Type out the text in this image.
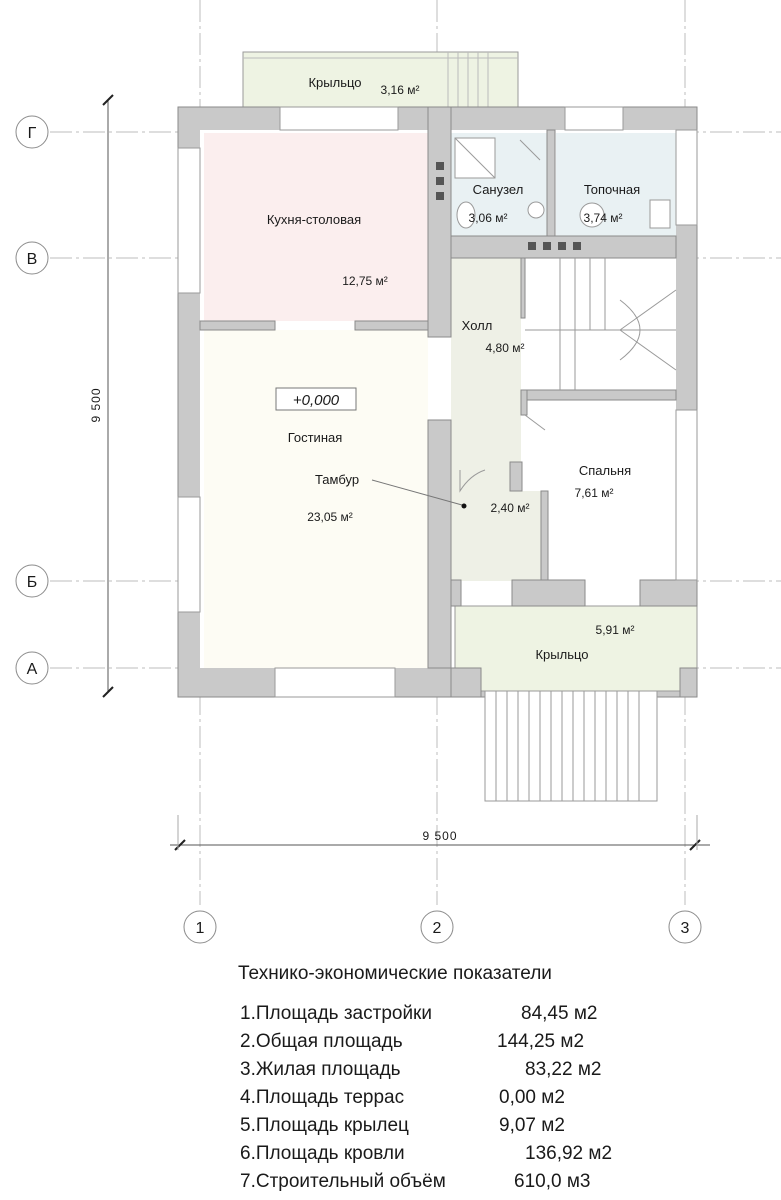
Г
В
Б
А
1	2	3
9 500
9 500
+0,000
Крыльцо 3,16 м²
Кухня-столовая
12,75 м²
Санузел
3,06 м²
Топочная
3,74 м²
Холл
4,80 м²
Гостиная
23,05 м²
Тамбур
2,40 м²
Спальня
7,61 м²
5,91 м²
Крыльцо
Технико-экономические показатели
1.Площадь застройки	84,45 м2
2.Общая площадь	144,25 м2
3.Жилая площадь	83,22 м2
4.Площадь террас	0,00 м2
5.Площадь крылец	9,07 м2
6.Площадь кровли	136,92 м2
7.Строительный объём	610,0 м3
